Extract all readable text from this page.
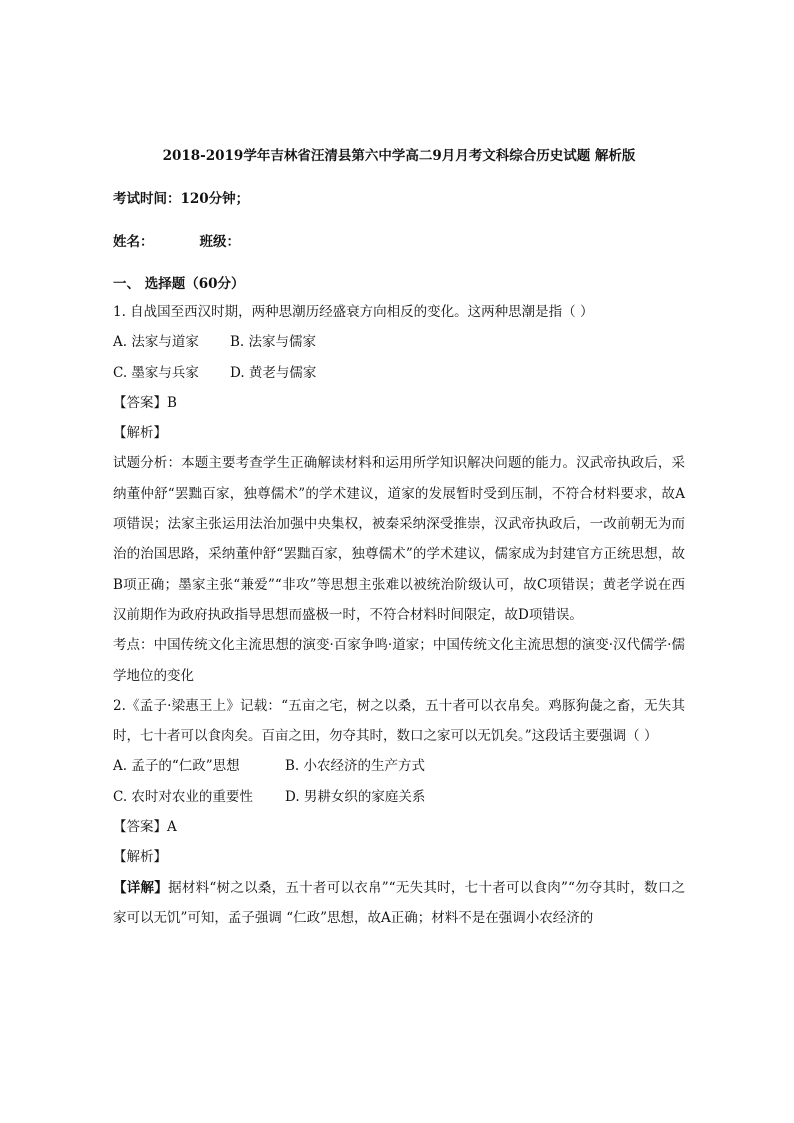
2018-2019学年吉林省汪清县第六中学高二9月月考文科综合历史试题 解析版

考试时间：120分钟；

姓名：	班级：

一、 选择题（60分）

1. 自战国至西汉时期，两种思潮历经盛衰方向相反的变化。这两种思潮是指（ ）

A. 法家与道家 B. 法家与儒家

C. 墨家与兵家 D. 黄老与儒家

【答案】B

【解析】

试题分析：本题主要考查学生正确解读材料和运用所学知识解决问题的能力。汉武帝执政后，采纳董仲舒“罢黜百家，独尊儒术”的学术建议，道家的发展暂时受到压制，不符合材料要求，故A项错误；法家主张运用法治加强中央集权，被秦采纳深受推崇，汉武帝执政后，一改前朝无为而治的治国思路，采纳董仲舒“罢黜百家，独尊儒术”的学术建议，儒家成为封建官方正统思想，故B项正确；墨家主张“兼爱”“非攻”等思想主张难以被统治阶级认可，故C项错误；黄老学说在西汉前期作为政府执政指导思想而盛极一时，不符合材料时间限定，故D项错误。

考点：中国传统文化主流思想的演变·百家争鸣·道家；中国传统文化主流思想的演变·汉代儒学·儒学地位的变化

2.《孟子·梁惠王上》记载：“五亩之宅，树之以桑，五十者可以衣帛矣。鸡豚狗彘之畜，无失其时，七十者可以食肉矣。百亩之田，勿夺其时，数口之家可以无饥矣。”这段话主要强调（ ）

A. 孟子的“仁政”思想	B. 小农经济的生产方式

C. 农时对农业的重要性 D. 男耕女织的家庭关系

【答案】A

【解析】

【详解】据材料“树之以桑，五十者可以衣帛”“无失其时，七十者可以食肉”“勿夺其时，数口之家可以无饥”可知，孟子强调 “仁政”思想，故A正确；材料不是在强调小农经济的
